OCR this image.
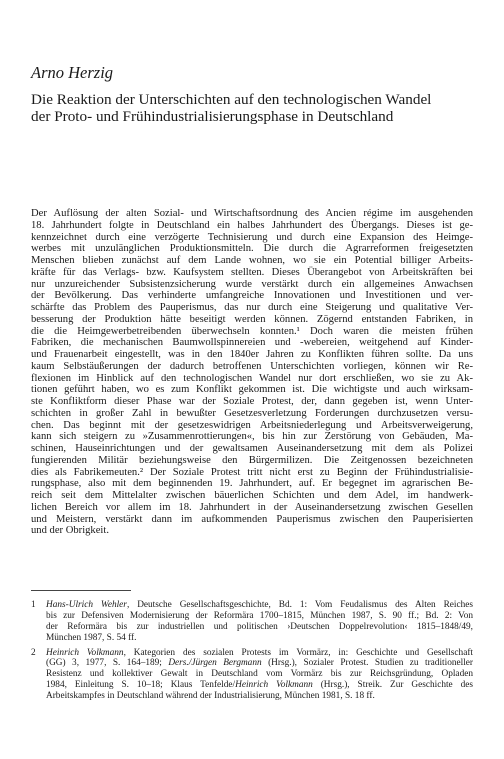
Arno Herzig
Die Reaktion der Unterschichten auf den technologischen Wandel
der Proto- und Frühindustrialisierungsphase in Deutschland
Der Auflösung der alten Sozial- und Wirtschaftsordnung des Ancien régime im ausgehenden
18. Jahrhundert folgte in Deutschland ein halbes Jahrhundert des Übergangs. Dieses ist ge-
kennzeichnet durch eine verzögerte Technisierung und durch eine Expansion des Heimge-
werbes mit unzulänglichen Produktionsmitteln. Die durch die Agrarreformen freigesetzten
Menschen blieben zunächst auf dem Lande wohnen, wo sie ein Potential billiger Arbeits-
kräfte für das Verlags- bzw. Kaufsystem stellten. Dieses Überangebot von Arbeitskräften bei
nur unzureichender Subsistenzsicherung wurde verstärkt durch ein allgemeines Anwachsen
der Bevölkerung. Das verhinderte umfangreiche Innovationen und Investitionen und ver-
schärfte das Problem des Pauperismus, das nur durch eine Steigerung und qualitative Ver-
besserung der Produktion hätte beseitigt werden können. Zögernd entstanden Fabriken, in
die die Heimgewerbetreibenden überwechseln konnten.¹ Doch waren die meisten frühen
Fabriken, die mechanischen Baumwollspinnereien und -webereien, weitgehend auf Kinder-
und Frauenarbeit eingestellt, was in den 1840er Jahren zu Konflikten führen sollte. Da uns
kaum Selbstäußerungen der dadurch betroffenen Unterschichten vorliegen, können wir Re-
flexionen im Hinblick auf den technologischen Wandel nur dort erschließen, wo sie zu Ak-
tionen geführt haben, wo es zum Konflikt gekommen ist. Die wichtigste und auch wirksam-
ste Konfliktform dieser Phase war der Soziale Protest, der, dann gegeben ist, wenn Unter-
schichten in großer Zahl in bewußter Gesetzesverletzung Forderungen durchzusetzen versu-
chen. Das beginnt mit der gesetzeswidrigen Arbeitsniederlegung und Arbeitsverweigerung,
kann sich steigern zu »Zusammenrottierungen«, bis hin zur Zerstörung von Gebäuden, Ma-
schinen, Hauseinrichtungen und der gewaltsamen Auseinandersetzung mit dem als Polizei
fungierenden Militär beziehungsweise den Bürgermilizen. Die Zeitgenossen bezeichneten
dies als Fabrikemeuten.² Der Soziale Protest tritt nicht erst zu Beginn der Frühindustrialisie-
rungsphase, also mit dem beginnenden 19. Jahrhundert, auf. Er begegnet im agrarischen Be-
reich seit dem Mittelalter zwischen bäuerlichen Schichten und dem Adel, im handwerk-
lichen Bereich vor allem im 18. Jahrhundert in der Auseinandersetzung zwischen Gesellen
und Meistern, verstärkt dann im aufkommenden Pauperismus zwischen den Pauperisierten
und der Obrigkeit.
1 Hans-Ulrich Wehler, Deutsche Gesellschaftsgeschichte, Bd. 1: Vom Feudalismus des Alten Reiches
bis zur Defensiven Modernisierung der Reformära 1700–1815, München 1987, S. 90 ff.; Bd. 2: Von
der Reformära bis zur industriellen und politischen ›Deutschen Doppelrevolution‹ 1815–1848/49,
München 1987, S. 54 ff.
2 Heinrich Volkmann, Kategorien des sozialen Protests im Vormärz, in: Geschichte und Gesellschaft
(GG) 3, 1977, S. 164–189; Ders./Jürgen Bergmann (Hrsg.), Sozialer Protest. Studien zu traditioneller
Resistenz und kollektiver Gewalt in Deutschland vom Vormärz bis zur Reichsgründung, Opladen
1984, Einleitung S. 10–18; Klaus Tenfelde/Heinrich Volkmann (Hrsg.), Streik. Zur Geschichte des
Arbeitskampfes in Deutschland während der Industrialisierung, München 1981, S. 18 ff.
